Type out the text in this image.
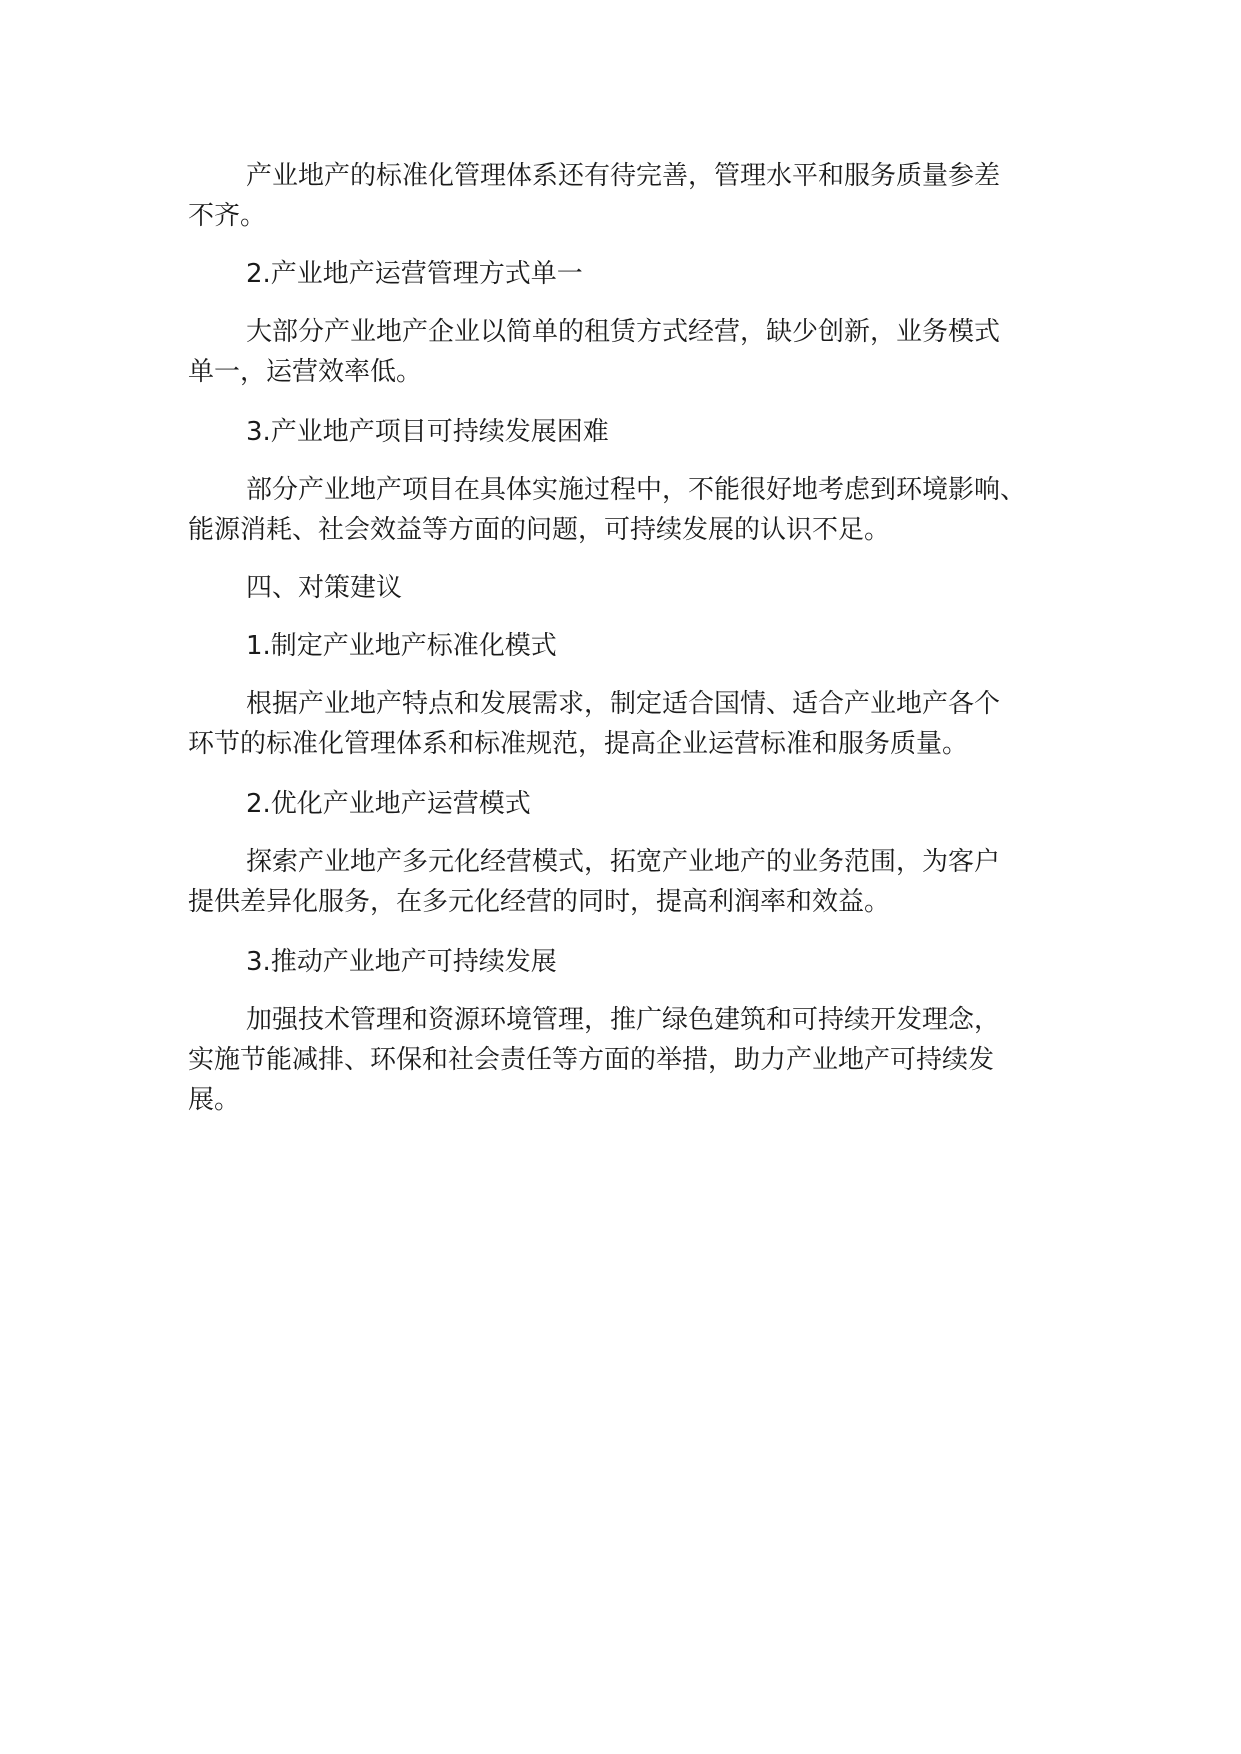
产业地产的标准化管理体系还有待完善，管理水平和服务质量参差
不齐。
2.产业地产运营管理方式单一
大部分产业地产企业以简单的租赁方式经营，缺少创新，业务模式
单一，运营效率低。
3.产业地产项目可持续发展困难
部分产业地产项目在具体实施过程中，不能很好地考虑到环境影响、
能源消耗、社会效益等方面的问题，可持续发展的认识不足。
四、对策建议
1.制定产业地产标准化模式
根据产业地产特点和发展需求，制定适合国情、适合产业地产各个
环节的标准化管理体系和标准规范，提高企业运营标准和服务质量。
2.优化产业地产运营模式
探索产业地产多元化经营模式，拓宽产业地产的业务范围，为客户
提供差异化服务，在多元化经营的同时，提高利润率和效益。
3.推动产业地产可持续发展
加强技术管理和资源环境管理，推广绿色建筑和可持续开发理念，
实施节能减排、环保和社会责任等方面的举措，助力产业地产可持续发
展。
